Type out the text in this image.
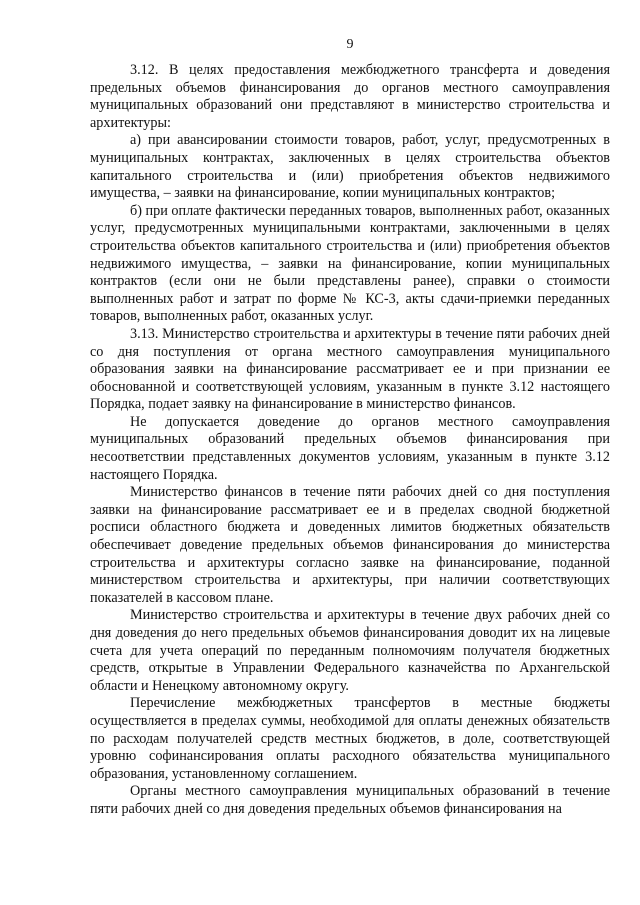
9

3.12. В целях предоставления межбюджетного трансферта и доведения предельных объемов финансирования до органов местного самоуправления муниципальных образований они представляют в министерство строительства и архитектуры:

а) при авансировании стоимости товаров, работ, услуг, предусмотренных в муниципальных контрактах, заключенных в целях строительства объектов капитального строительства и (или) приобретения объектов недвижимого имущества, – заявки на финансирование, копии муниципальных контрактов;

б) при оплате фактически переданных товаров, выполненных работ, оказанных услуг, предусмотренных муниципальными контрактами, заключенными в целях строительства объектов капитального строительства и (или) приобретения объектов недвижимого имущества, – заявки на финансирование, копии муниципальных контрактов (если они не были представлены ранее), справки о стоимости выполненных работ и затрат по форме № КС-3, акты сдачи-приемки переданных товаров, выполненных работ, оказанных услуг.

3.13. Министерство строительства и архитектуры в течение пяти рабочих дней со дня поступления от органа местного самоуправления муниципального образования заявки на финансирование рассматривает ее и при признании ее обоснованной и соответствующей условиям, указанным в пункте 3.12 настоящего Порядка, подает заявку на финансирование в министерство финансов.

Не допускается доведение до органов местного самоуправления муниципальных образований предельных объемов финансирования при несоответствии представленных документов условиям, указанным в пункте 3.12 настоящего Порядка.

Министерство финансов в течение пяти рабочих дней со дня поступления заявки на финансирование рассматривает ее и в пределах сводной бюджетной росписи областного бюджета и доведенных лимитов бюджетных обязательств обеспечивает доведение предельных объемов финансирования до министерства строительства и архитектуры согласно заявке на финансирование, поданной министерством строительства и архитектуры, при наличии соответствующих показателей в кассовом плане.

Министерство строительства и архитектуры в течение двух рабочих дней со дня доведения до него предельных объемов финансирования доводит их на лицевые счета для учета операций по переданным полномочиям получателя бюджетных средств, открытые в Управлении Федерального казначейства по Архангельской области и Ненецкому автономному округу.

Перечисление межбюджетных трансфертов в местные бюджеты осуществляется в пределах суммы, необходимой для оплаты денежных обязательств по расходам получателей средств местных бюджетов, в доле, соответствующей уровню софинансирования оплаты расходного обязательства муниципального образования, установленному соглашением.

Органы местного самоуправления муниципальных образований в течение пяти рабочих дней со дня доведения предельных объемов финансирования на
